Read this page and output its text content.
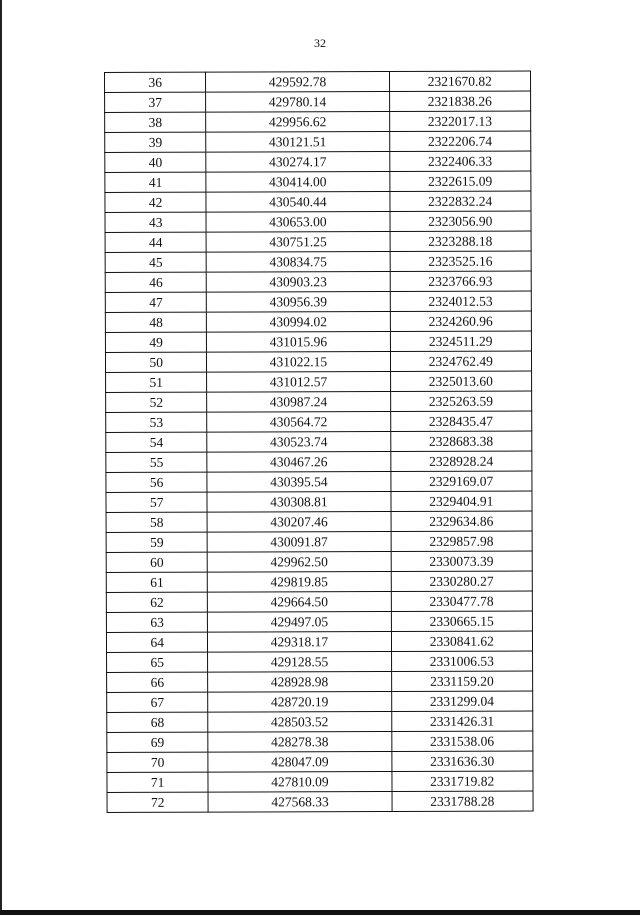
32
36	429592.78	2321670.82
37	429780.14	2321838.26
38	429956.62	2322017.13
39	430121.51	2322206.74
40	430274.17	2322406.33
41	430414.00	2322615.09
42	430540.44	2322832.24
43	430653.00	2323056.90
44	430751.25	2323288.18
45	430834.75	2323525.16
46	430903.23	2323766.93
47	430956.39	2324012.53
48	430994.02	2324260.96
49	431015.96	2324511.29
50	431022.15	2324762.49
51	431012.57	2325013.60
52	430987.24	2325263.59
53	430564.72	2328435.47
54	430523.74	2328683.38
55	430467.26	2328928.24
56	430395.54	2329169.07
57	430308.81	2329404.91
58	430207.46	2329634.86
59	430091.87	2329857.98
60	429962.50	2330073.39
61	429819.85	2330280.27
62	429664.50	2330477.78
63	429497.05	2330665.15
64	429318.17	2330841.62
65	429128.55	2331006.53
66	428928.98	2331159.20
67	428720.19	2331299.04
68	428503.52	2331426.31
69	428278.38	2331538.06
70	428047.09	2331636.30
71	427810.09	2331719.82
72	427568.33	2331788.28
